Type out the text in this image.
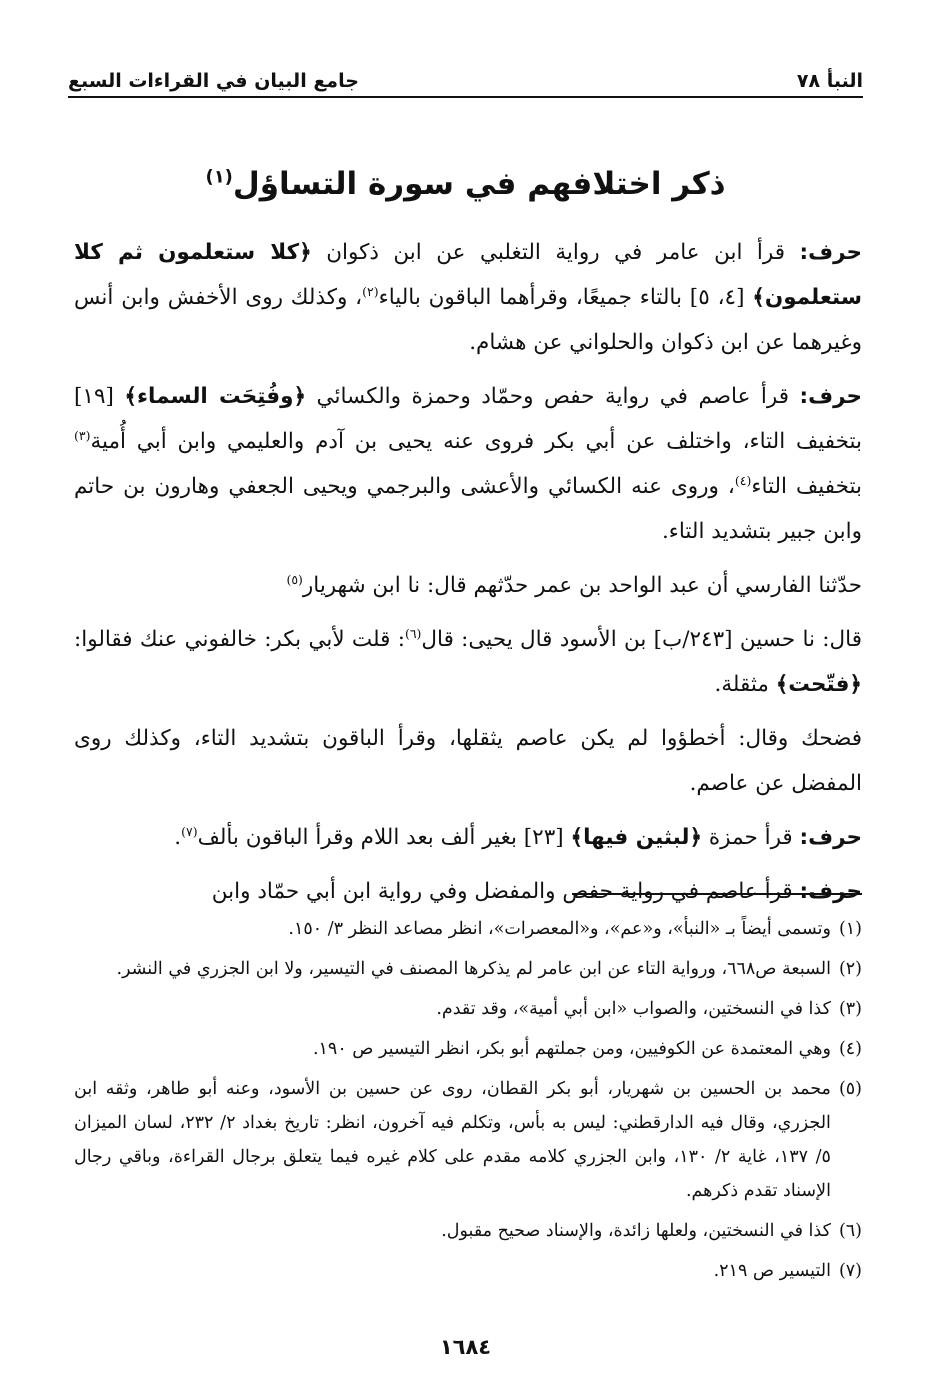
النبأ ٧٨
جامع البيان في القراءات السبع
ذكر اختلافهم في سورة التساؤل$^{(١)}$

حرف: قرأ ابن عامر في رواية التغلبي عن ابن ذكوان ﴿كلا ستعلمون ثم كلا ستعلمون﴾ [٤، ٥] بالتاء جميعًا، وقرأهما الباقون بالياء$^{(٢)}$، وكذلك روى الأخفش وابن أنس وغيرهما عن ابن ذكوان والحلواني عن هشام.

حرف: قرأ عاصم في رواية حفص وحمّاد وحمزة والكسائي ﴿وفُتِحَت السماء﴾ [١٩] بتخفيف التاء، واختلف عن أبي بكر فروى عنه يحيى بن آدم والعليمي وابن أبي أُمية$^{(٣)}$ بتخفيف التاء$^{(٤)}$، وروى عنه الكسائي والأعشى والبرجمي ويحيى الجعفي وهارون بن حاتم وابن جبير بتشديد التاء.

حدّثنا الفارسي أن عبد الواحد بن عمر حدّثهم قال: نا ابن شهريار$^{(٥)}$

قال: نا حسين [٢٤٣/ب] بن الأسود قال يحيى: قال$^{(٦)}$: قلت لأبي بكر: خالفوني عنك فقالوا: ﴿فتّحت﴾ مثقلة.

فضحك وقال: أخطؤوا لم يكن عاصم يثقلها، وقرأ الباقون بتشديد التاء، وكذلك روى المفضل عن عاصم.

حرف: قرأ حمزة ﴿لبثين فيها﴾ [٢٣] بغير ألف بعد اللام وقرأ الباقون بألف$^{(٧)}$.

حرف: قرأ عاصم في رواية حفص والمفضل وفي رواية ابن أبي حمّاد وابن

(١)
وتسمى أيضاً بـ «النبأ»، و«عم»، و«المعصرات»، انظر مصاعد النظر ٣/ ١٥٠.
(٢)
السبعة ص٦٦٨، ورواية التاء عن ابن عامر لم يذكرها المصنف في التيسير، ولا ابن الجزري في النشر.
(٣)
كذا في النسختين، والصواب «ابن أبي أمية»، وقد تقدم.
(٤)
وهي المعتمدة عن الكوفيين، ومن جملتهم أبو بكر، انظر التيسير ص ١٩٠.
(٥)
محمد بن الحسين بن شهريار، أبو بكر القطان، روى عن حسين بن الأسود، وعنه أبو طاهر، وثقه ابن الجزري، وقال فيه الدارقطني: ليس به بأس، وتكلم فيه آخرون، انظر: تاريخ بغداد ٢/ ٢٣٢، لسان الميزان ٥/ ١٣٧، غاية ٢/ ١٣٠، وابن الجزري كلامه مقدم على كلام غيره فيما يتعلق برجال القراءة، وباقي رجال الإسناد تقدم ذكرهم.
(٦)
كذا في النسختين، ولعلها زائدة، والإسناد صحيح مقبول.
(٧)
التيسير ص ٢١٩.
١٦٨٤
